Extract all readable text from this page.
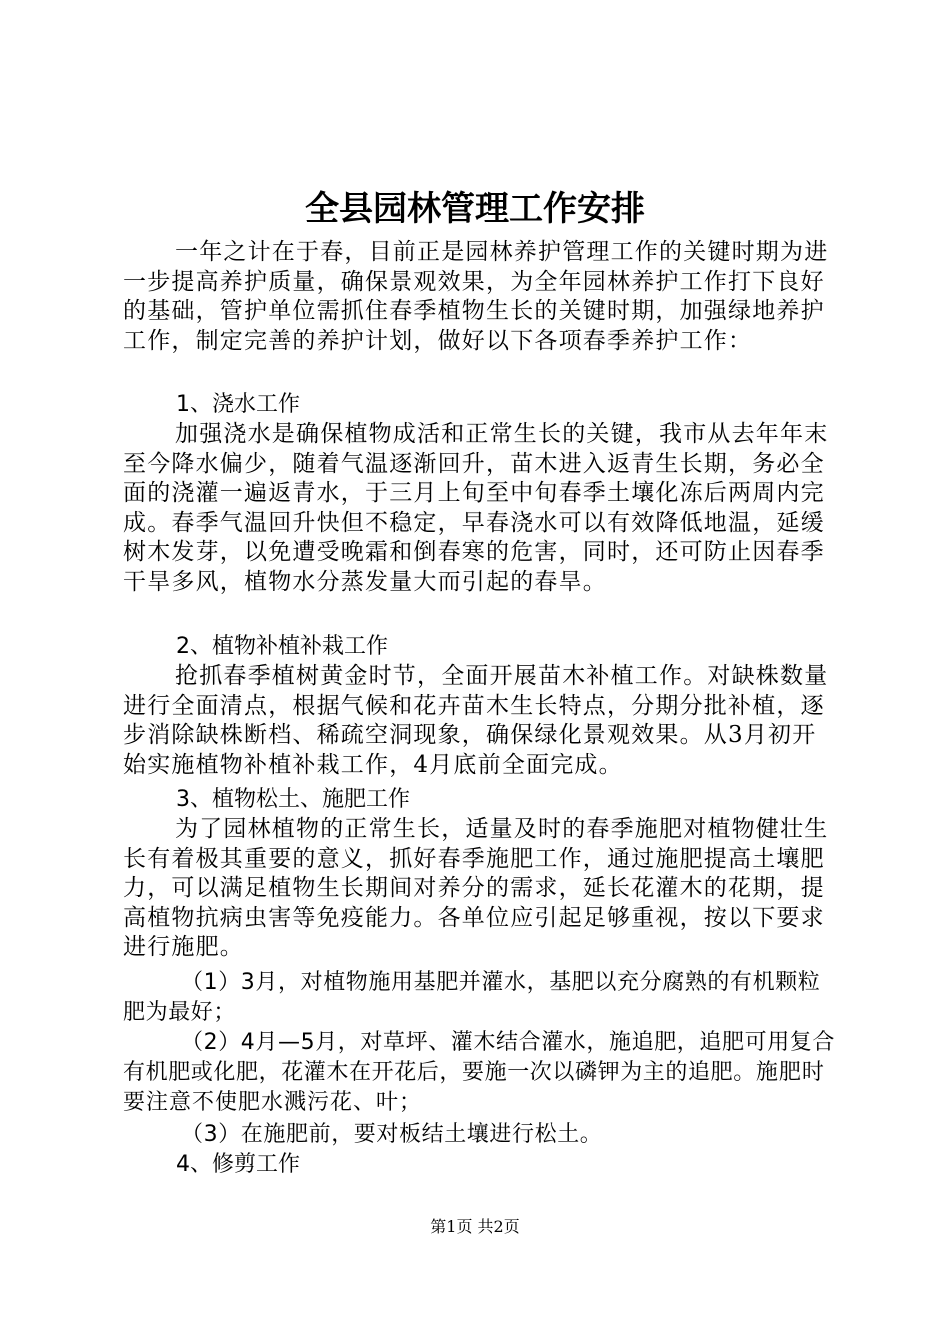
全县园林管理工作安排

一年之计在于春，目前正是园林养护管理工作的关键时期为进一步提高养护质量，确保景观效果，为全年园林养护工作打下良好的基础，管护单位需抓住春季植物生长的关键时期，加强绿地养护工作，制定完善的养护计划，做好以下各项春季养护工作：

1、浇水工作

加强浇水是确保植物成活和正常生长的关键，我市从去年年末至今降水偏少，随着气温逐渐回升，苗木进入返青生长期，务必全面的浇灌一遍返青水，于三月上旬至中旬春季土壤化冻后两周内完成。春季气温回升快但不稳定，早春浇水可以有效降低地温，延缓树木发芽，以免遭受晚霜和倒春寒的危害，同时，还可防止因春季干旱多风，植物水分蒸发量大而引起的春旱。

2、植物补植补栽工作

抢抓春季植树黄金时节，全面开展苗木补植工作。对缺株数量进行全面清点，根据气候和花卉苗木生长特点，分期分批补植，逐步消除缺株断档、稀疏空洞现象，确保绿化景观效果。从3月初开始实施植物补植补栽工作，4月底前全面完成。

3、植物松土、施肥工作

为了园林植物的正常生长，适量及时的春季施肥对植物健壮生长有着极其重要的意义，抓好春季施肥工作，通过施肥提高土壤肥力，可以满足植物生长期间对养分的需求，延长花灌木的花期，提高植物抗病虫害等免疫能力。各单位应引起足够重视，按以下要求进行施肥。

（1）3月，对植物施用基肥并灌水，基肥以充分腐熟的有机颗粒肥为最好；

（2）4月—5月，对草坪、灌木结合灌水，施追肥，追肥可用复合有机肥或化肥，花灌木在开花后，要施一次以磷钾为主的追肥。施肥时要注意不使肥水溅污花、叶；

（3）在施肥前，要对板结土壤进行松土。
4、修剪工作
第1页 共2页
